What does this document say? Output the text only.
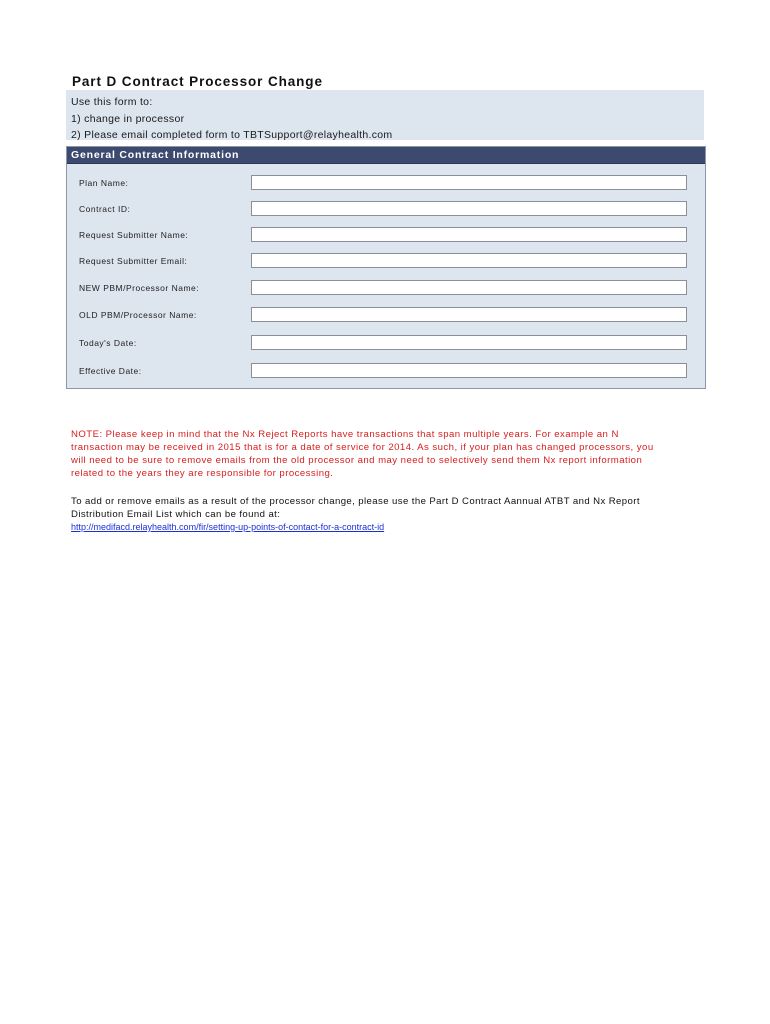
Part D Contract Processor Change
Use this form to:
1) change in processor
2) Please email completed form to TBTSupport@relayhealth.com
General Contract Information
Plan Name:
Contract ID:
Request Submitter Name:
Request Submitter Email:
NEW PBM/Processor Name:
OLD PBM/Processor Name:
Today's Date:
Effective Date:
NOTE: Please keep in mind that the Nx Reject Reports have transactions that span multiple years. For example an N
transaction may be received in 2015 that is for a date of service for 2014. As such, if your plan has changed processors, you
will need to be sure to remove emails from the old processor and may need to selectively send them Nx report information
related to the years they are responsible for processing.
To add or remove emails as a result of the processor change, please use the Part D Contract Aannual ATBT and Nx Report
Distribution Email List which can be found at:
http://medifacd.relayhealth.com/fir/setting-up-points-of-contact-for-a-contract-id
